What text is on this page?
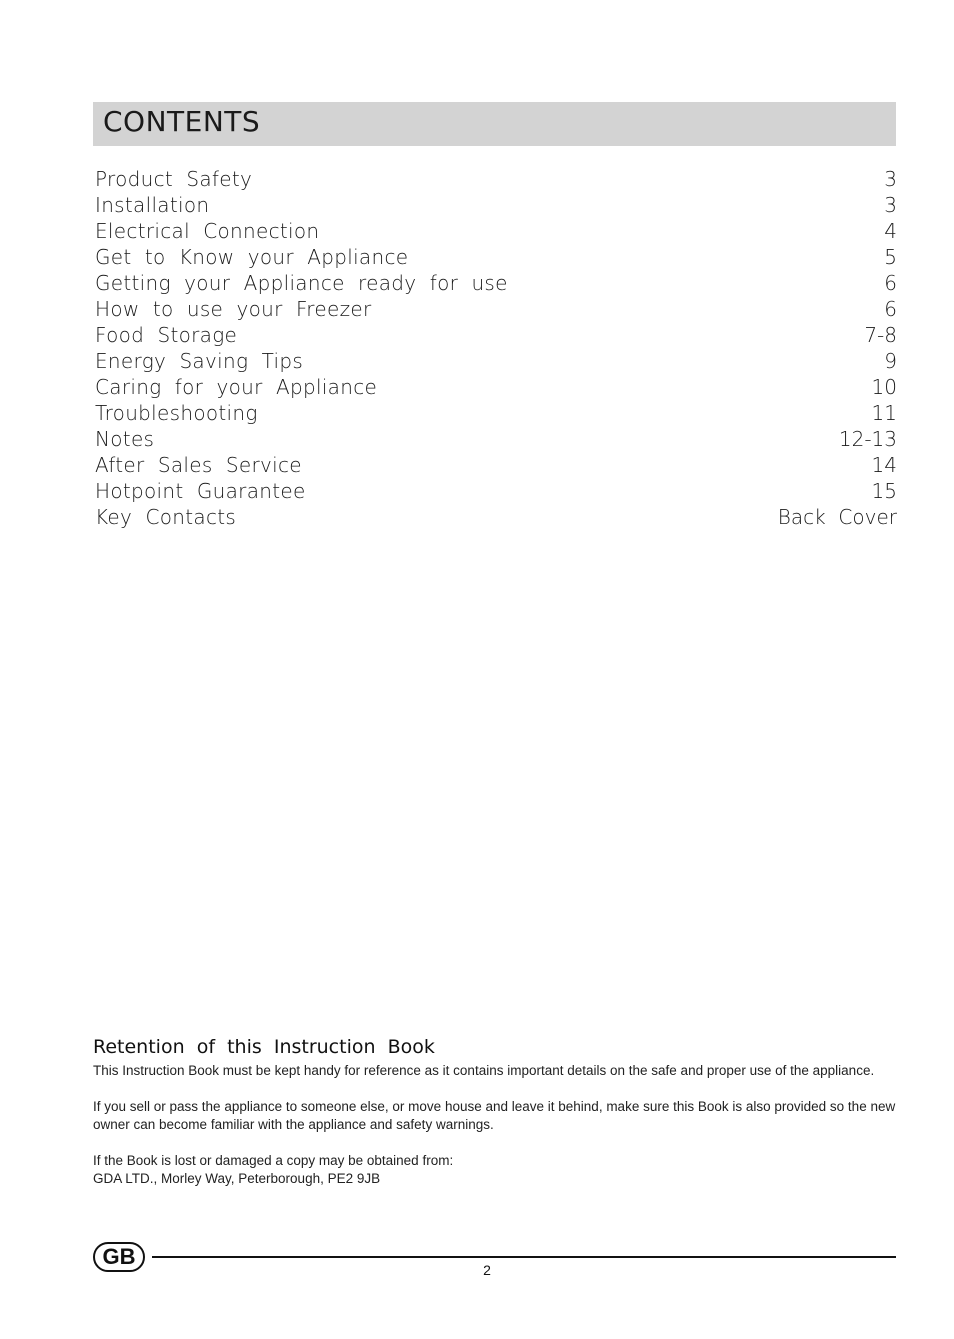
CONTENTS
Product  Safety	3
Installation	3
Electrical  Connection	4
Get  to  Know  your  Appliance	5
Getting  your  Appliance  ready  for  use	6
How  to  use  your  Freezer	6
Food  Storage	7-8
Energy  Saving  Tips	9
Caring  for  your  Appliance	10
Troubleshooting	11
Notes	12-13
After  Sales  Service	14
Hotpoint  Guarantee	15
Key  Contacts	Back  Cover
Retention  of  this  Instruction  Book

This Instruction Book must be kept handy for reference as it contains important details on the safe and proper use of the appliance.

If you sell or pass the appliance to someone else, or move house and leave it behind, make sure this Book is also provided so the new owner can become familiar with the appliance and safety warnings.

If the Book is lost or damaged a copy may be obtained from:
GDA LTD., Morley Way, Peterborough, PE2 9JB

GB
2
